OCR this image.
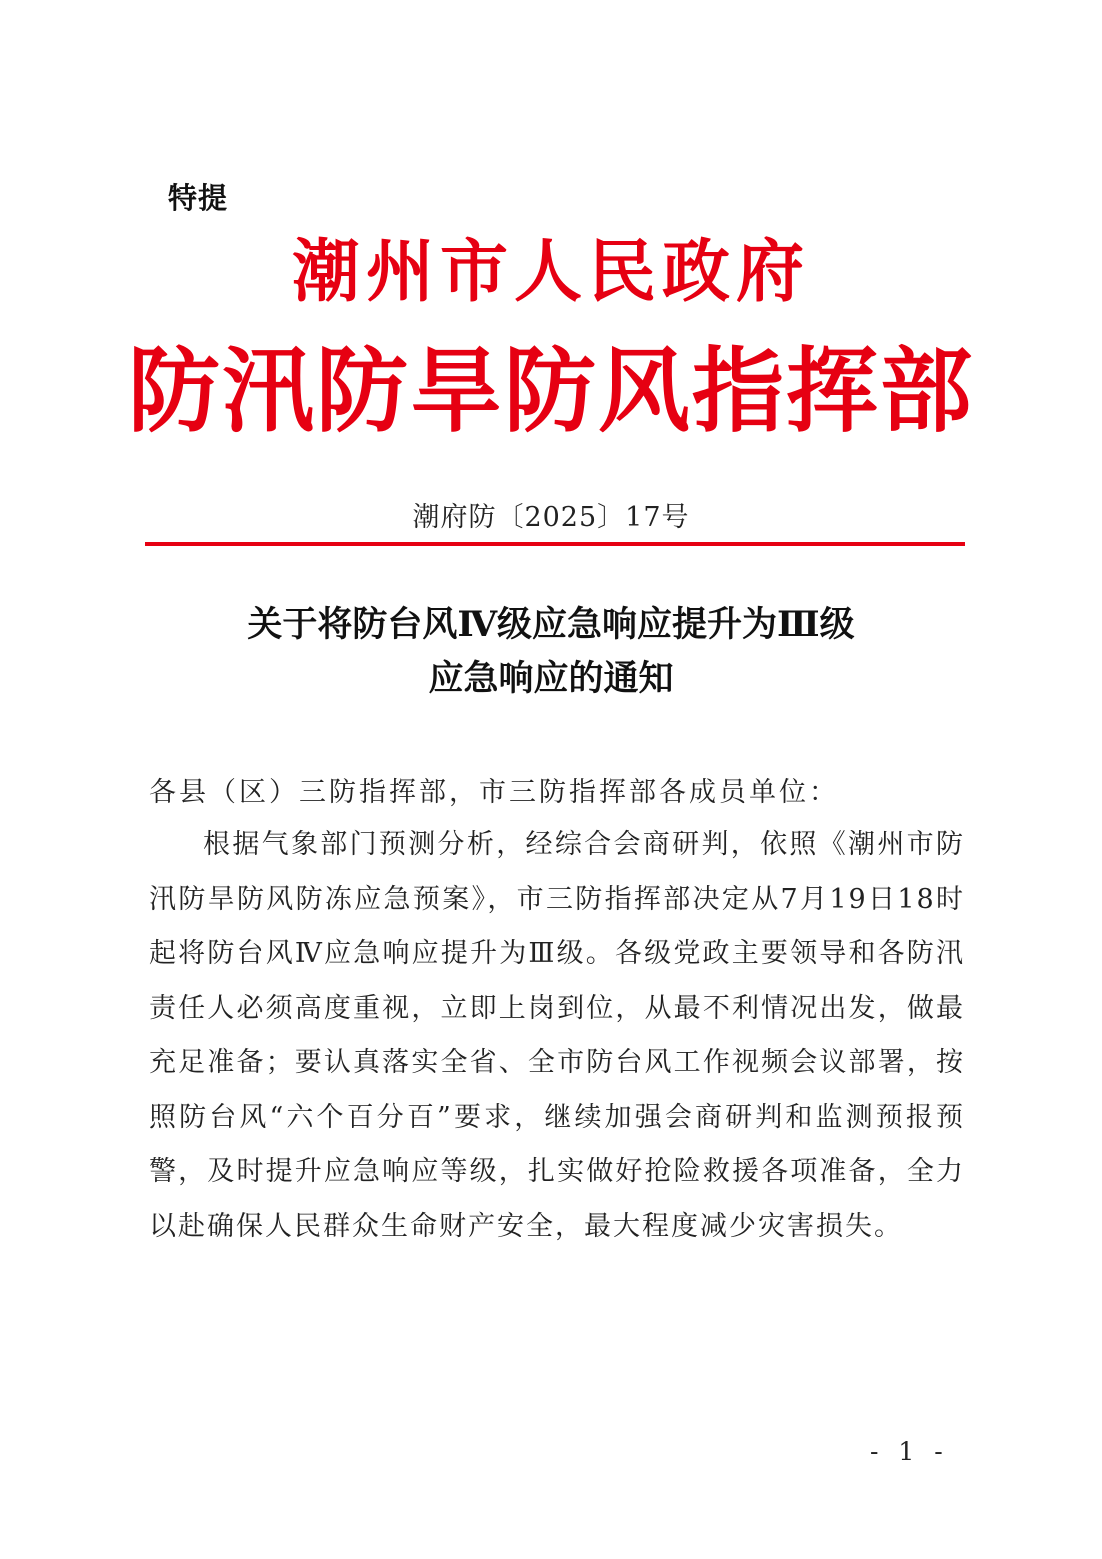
特提
潮州市人民政府
防汛防旱防风指挥部
潮府防〔2025〕17号
关于将防台风Ⅳ级应急响应提升为Ⅲ级
应急响应的通知
各县（区）三防指挥部，市三防指挥部各成员单位：
根据气象部门预测分析，经综合会商研判，依照《潮州市防汛防旱防风防冻应急预案》，市三防指挥部决定从7月19日18时起将防台风Ⅳ应急响应提升为Ⅲ级。各级党政主要领导和各防汛责任人必须高度重视，立即上岗到位，从最不利情况出发，做最充足准备；要认真落实全省、全市防台风工作视频会议部署，按照防台风“六个百分百”要求，继续加强会商研判和监测预报预警，及时提升应急响应等级，扎实做好抢险救援各项准备，全力以赴确保人民群众生命财产安全，最大程度减少灾害损失。
- 1 -
